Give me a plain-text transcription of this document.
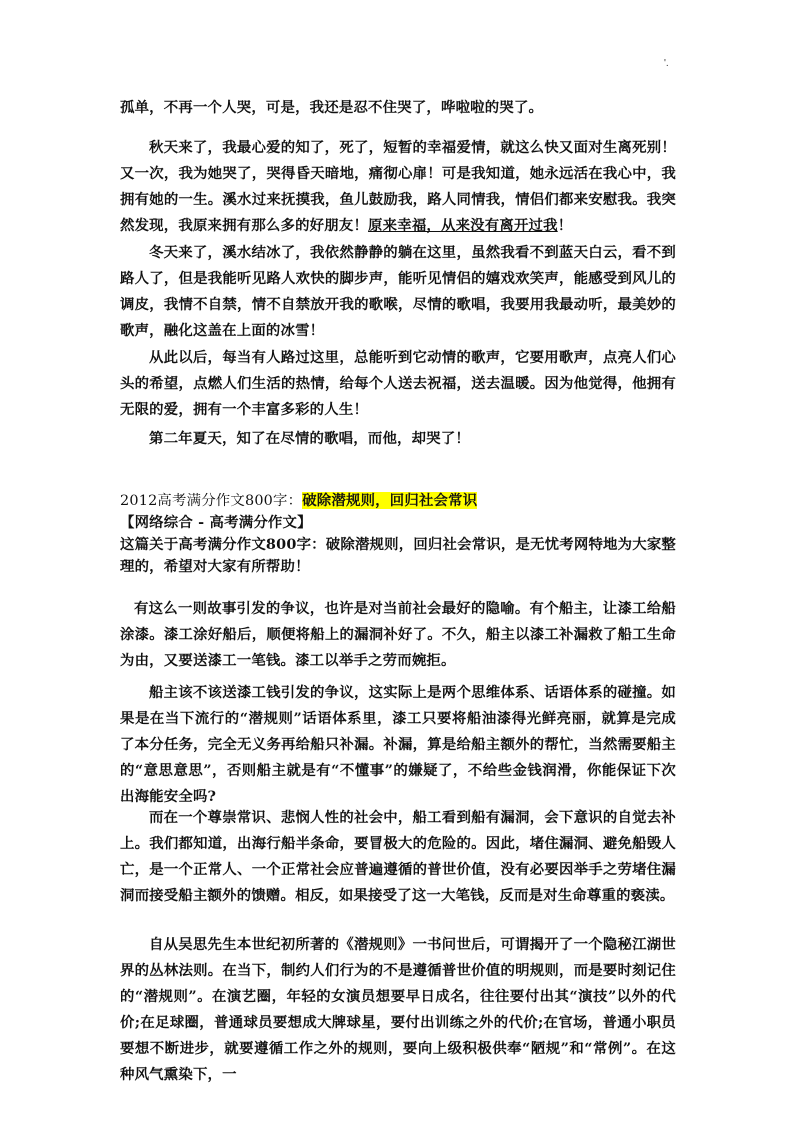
'.

孤单，不再一个人哭，可是，我还是忍不住哭了，哗啦啦的哭了。

秋天来了，我最心爱的知了，死了，短暂的幸福爱情，就这么快又面对生离死别！又一次，我为她哭了，哭得昏天暗地，痛彻心扉！可是我知道，她永远活在我心中，我拥有她的一生。溪水过来抚摸我，鱼儿鼓励我，路人同情我，情侣们都来安慰我。我突然发现，我原来拥有那么多的好朋友！原来幸福，从来没有离开过我！

冬天来了，溪水结冰了，我依然静静的躺在这里，虽然我看不到蓝天白云，看不到路人了，但是我能听见路人欢快的脚步声，能听见情侣的嬉戏欢笑声，能感受到风儿的调皮，我情不自禁，情不自禁放开我的歌喉，尽情的歌唱，我要用我最动听，最美妙的歌声，融化这盖在上面的冰雪！

从此以后，每当有人路过这里，总能听到它动情的歌声，它要用歌声，点亮人们心头的希望，点燃人们生活的热情，给每个人送去祝福，送去温暖。因为他觉得，他拥有无限的爱，拥有一个丰富多彩的人生！

第二年夏天，知了在尽情的歌唱，而他，却哭了！

2012高考满分作文800字：破除潜规则，回归社会常识

【网络综合 - 高考满分作文】

这篇关于高考满分作文800字：破除潜规则，回归社会常识，是无忧考网特地为大家整理的，希望对大家有所帮助！

有这么一则故事引发的争议，也许是对当前社会最好的隐喻。有个船主，让漆工给船涂漆。漆工涂好船后，顺便将船上的漏洞补好了。不久，船主以漆工补漏救了船工生命为由，又要送漆工一笔钱。漆工以举手之劳而婉拒。

船主该不该送漆工钱引发的争议，这实际上是两个思维体系、话语体系的碰撞。如果是在当下流行的“潜规则”话语体系里，漆工只要将船油漆得光鲜亮丽，就算是完成了本分任务，完全无义务再给船只补漏。补漏，算是给船主额外的帮忙，当然需要船主的“意思意思”，否则船主就是有“不懂事”的嫌疑了，不给些金钱润滑，你能保证下次出海能安全吗?

而在一个尊崇常识、悲悯人性的社会中，船工看到船有漏洞，会下意识的自觉去补上。我们都知道，出海行船半条命，要冒极大的危险的。因此，堵住漏洞、避免船毁人亡，是一个正常人、一个正常社会应普遍遵循的普世价值，没有必要因举手之劳堵住漏洞而接受船主额外的馈赠。相反，如果接受了这一大笔钱，反而是对生命尊重的亵渎。

自从吴思先生本世纪初所著的《潜规则》一书问世后，可谓揭开了一个隐秘江湖世界的丛林法则。在当下，制约人们行为的不是遵循普世价值的明规则，而是要时刻记住的“潜规则”。在演艺圈，年轻的女演员想要早日成名，往往要付出其“演技”以外的代价;在足球圈，普通球员要想成大牌球星，要付出训练之外的代价;在官场，普通小职员要想不断进步，就要遵循工作之外的规则，要向上级积极供奉“陋规”和“常例”。在这种风气熏染下，一
